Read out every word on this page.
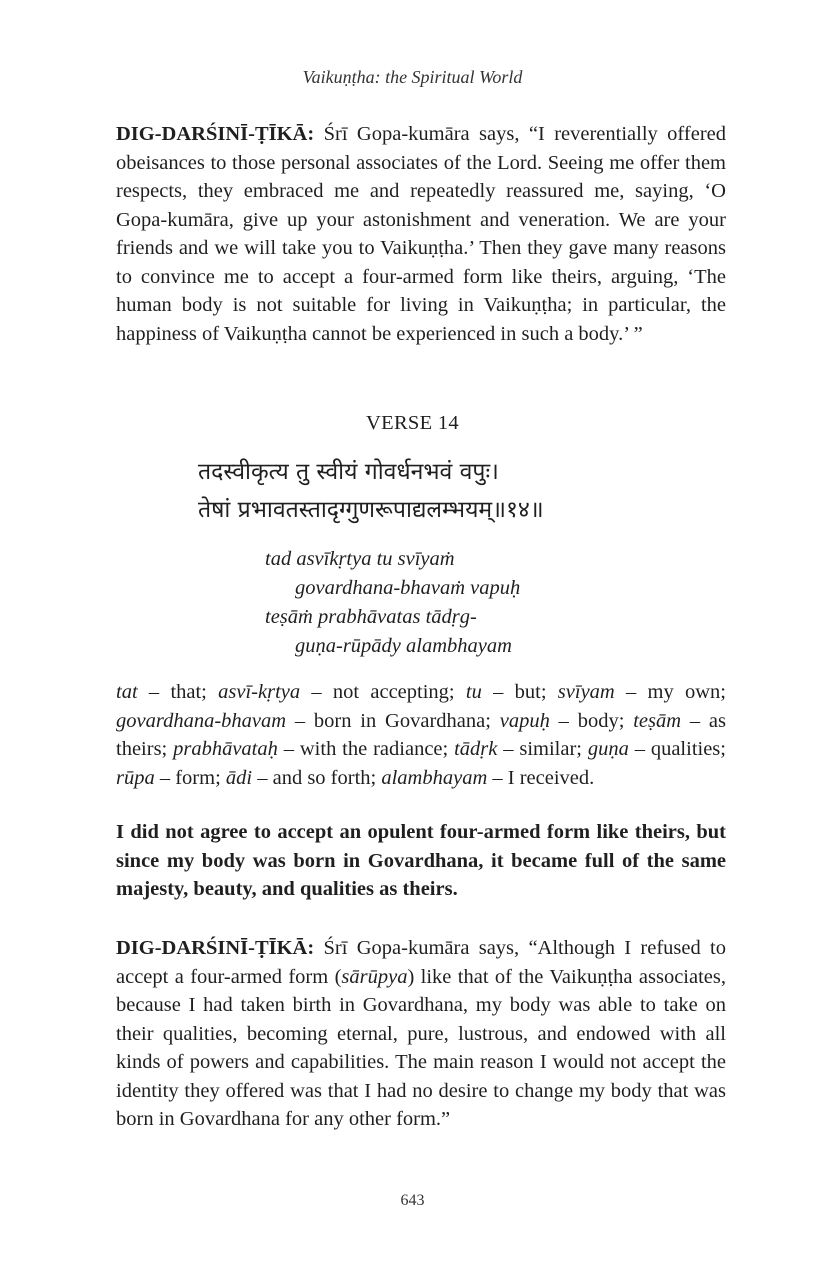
Vaikuṇṭha: the Spiritual World

DIG-DARŚINĪ-ṬĪKĀ: Śrī Gopa-kumāra says, “I reverentially offered obeisances to those personal associates of the Lord. Seeing me offer them respects, they embraced me and repeatedly reassured me, saying, ‘O Gopa-kumāra, give up your astonishment and veneration. We are your friends and we will take you to Vaikuṇṭha.’ Then they gave many reasons to convince me to accept a four-armed form like theirs, arguing, ‘The human body is not suitable for living in Vaikuṇṭha; in particular, the happiness of Vaikuṇṭha cannot be experienced in such a body.’ ”

VERSE 14
तदस्वीकृत्य तु स्वीयं गोवर्धनभवं वपुः।
तेषां प्रभावतस्तादृग्गुणरूपाद्यलम्भयम्॥१४॥
tad asvīkṛtya tu svīyaṁ
govardhana-bhavaṁ vapuḥ
teṣāṁ prabhāvatas tādṛg-
guṇa-rūpādy alambhayam

tat – that; asvī-kṛtya – not accepting; tu – but; svīyam – my own; govardhana-bhavam – born in Govardhana; vapuḥ – body; teṣām – as theirs; prabhāvataḥ – with the radiance; tādṛk – similar; guṇa – qualities; rūpa – form; ādi – and so forth; alambhayam – I received.

I did not agree to accept an opulent four-armed form like theirs, but since my body was born in Govardhana, it became full of the same majesty, beauty, and qualities as theirs.

DIG-DARŚINĪ-ṬĪKĀ: Śrī Gopa-kumāra says, “Although I refused to accept a four-armed form (sārūpya) like that of the Vaikuṇṭha associates, because I had taken birth in Govardhana, my body was able to take on their qualities, becoming eternal, pure, lustrous, and endowed with all kinds of powers and capabilities. The main reason I would not accept the identity they offered was that I had no desire to change my body that was born in Govardhana for any other form.”

643
